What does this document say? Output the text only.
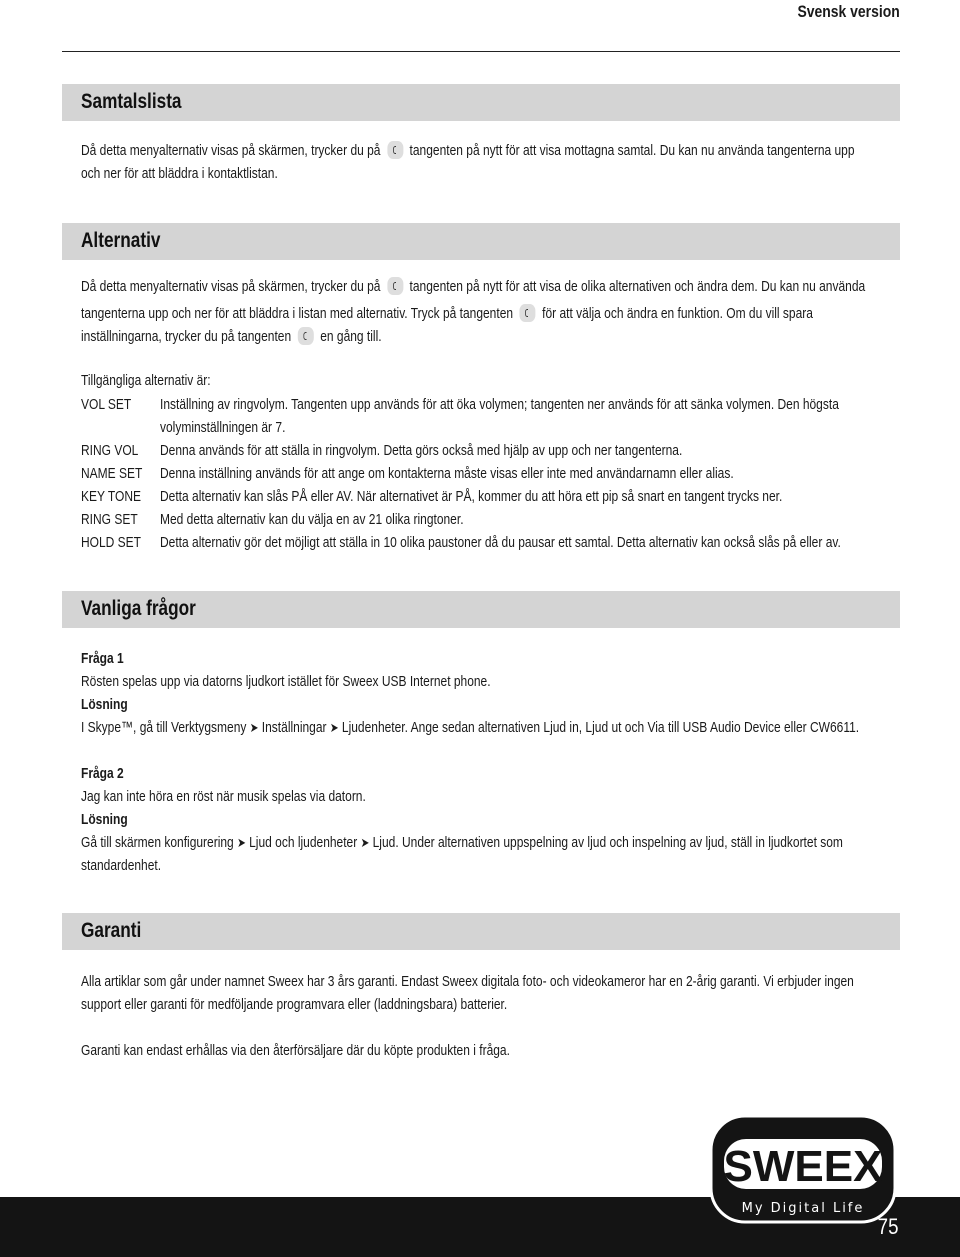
Svensk version
Samtalslista
Då detta menyalternativ visas på skärmen, trycker du på tangenten på nytt för att visa mottagna samtal. Du kan nu använda tangenterna upp
och ner för att bläddra i kontaktlistan.
Alternativ
Då detta menyalternativ visas på skärmen, trycker du på tangenten på nytt för att visa de olika alternativen och ändra dem. Du kan nu använda
tangenterna upp och ner för att bläddra i listan med alternativ. Tryck på tangenten för att välja och ändra en funktion. Om du vill spara
inställningarna, trycker du på tangenten en gång till.
Tillgängliga alternativ är:
VOL SET Inställning av ringvolym. Tangenten upp används för att öka volymen; tangenten ner används för att sänka volymen. Den högsta
volyminställningen är 7.
RING VOL Denna används för att ställa in ringvolym. Detta görs också med hjälp av upp och ner tangenterna.
NAME SET Denna inställning används för att ange om kontakterna måste visas eller inte med användarnamn eller alias.
KEY TONE Detta alternativ kan slås PÅ eller AV. När alternativet är PÅ, kommer du att höra ett pip så snart en tangent trycks ner.
RING SET Med detta alternativ kan du välja en av 21 olika ringtoner.
HOLD SET Detta alternativ gör det möjligt att ställa in 10 olika paustoner då du pausar ett samtal. Detta alternativ kan också slås på eller av.
Vanliga frågor
Fråga 1
Rösten spelas upp via datorns ljudkort istället för Sweex USB Internet phone.
Lösning
I Skype™, gå till Verktygsmeny ➤ Inställningar ➤ Ljudenheter. Ange sedan alternativen Ljud in, Ljud ut och Via till USB Audio Device eller CW6611.
Fråga 2
Jag kan inte höra en röst när musik spelas via datorn.
Lösning
Gå till skärmen konfigurering ➤ Ljud och ljudenheter ➤ Ljud. Under alternativen uppspelning av ljud och inspelning av ljud, ställ in ljudkortet som
standardenhet.
Garanti
Alla artiklar som går under namnet Sweex har 3 års garanti. Endast Sweex digitala foto- och videokameror har en 2-årig garanti. Vi erbjuder ingen
support eller garanti för medföljande programvara eller (laddningsbara) batterier.
Garanti kan endast erhållas via den återförsäljare där du köpte produkten i fråga.
SWEEX
My Digital Life
75
